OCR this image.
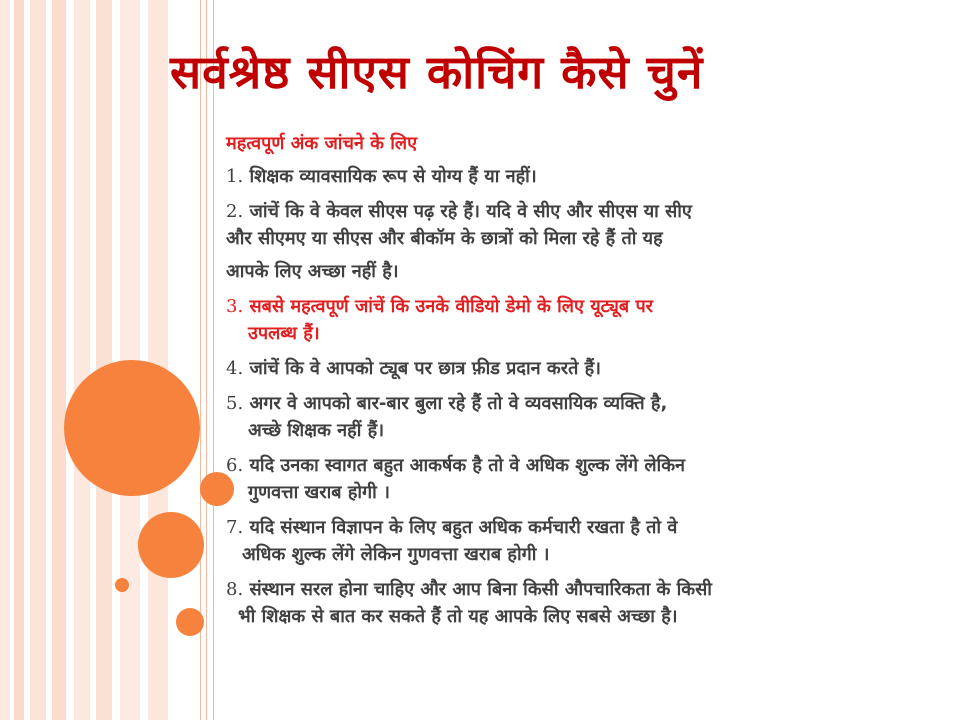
सर्वश्रेष्ठ सीएस कोचिंग कैसे चुनें
महत्वपूर्ण अंक जांचने के लिए
1. शिक्षक व्यावसायिक रूप से योग्य हैं या नहीं।
2. जांचें कि वे केवल सीएस पढ़ रहे हैं। यदि वे सीए और सीएस या सीए
और सीएमए या सीएस और बीकॉम के छात्रों को मिला रहे हैं तो यह
आपके लिए अच्छा नहीं है।
3. सबसे महत्वपूर्ण जांचें कि उनके वीडियो डेमो के लिए यूट्यूब पर
उपलब्ध हैं।
4. जांचें कि वे आपको ट्यूब पर छात्र फ़ीड प्रदान करते हैं।
5. अगर वे आपको बार-बार बुला रहे हैं तो वे व्यवसायिक व्यक्ति है,
अच्छे शिक्षक नहीं हैं।
6. यदि उनका स्वागत बहुत आकर्षक है तो वे अधिक शुल्क लेंगे लेकिन
गुणवत्ता खराब होगी ।
7. यदि संस्थान विज्ञापन के लिए बहुत अधिक कर्मचारी रखता है तो वे
अधिक शुल्क लेंगे लेकिन गुणवत्ता खराब होगी ।
8. संस्थान सरल होना चाहिए और आप बिना किसी औपचारिकता के किसी
भी शिक्षक से बात कर सकते हैं तो यह आपके लिए सबसे अच्छा है।
